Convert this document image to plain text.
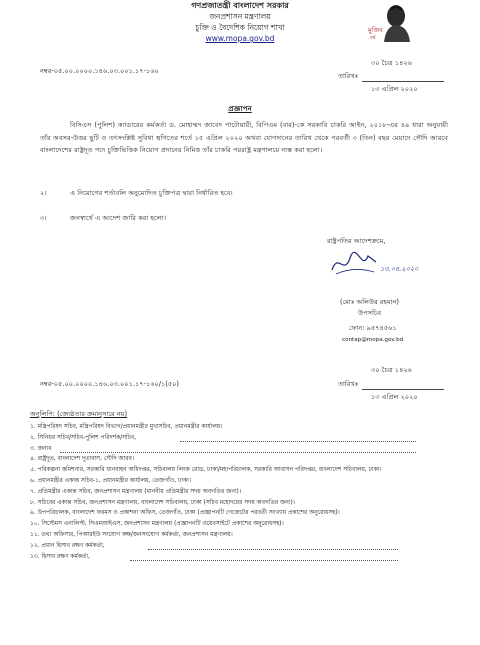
গণপ্রজাতন্ত্রী বাংলাদেশ সরকার
জনপ্রশাসন মন্ত্রণালয়
চুক্তি ও বৈদেশিক নিয়োগ শাখা
www.mopa.gov.bd
মুজিব
বর্ষ
নম্বর-০৫.০০.০০০০.১৪৬.০৩.০০১.১৭-১৬০
৩০ চৈত্র ১৪২৬
তারিখঃ
১৩ এপ্রিল ২০২০
প্রজ্ঞাপন
বিসিএস (পুলিশ) ক্যাডারের কর্মকর্তা ড. মোহাম্মদ জাবেদ পাটোয়ারী, বিপিএম (বার)-কে সরকারি চাকরি আইন, ২০১৮-এর ৪৯ ধারা অনুযায়ী তাঁর অবসর-উত্তর ছুটি ও তৎসংশ্লিষ্ট সুবিধা স্থগিতের শর্তে ১৫ এপ্রিল ২০২০ অথবা যোগদানের তারিখ থেকে পরবর্তী ৩ (তিন) বছর মেয়াদে সৌদি আরবে বাংলাদেশের রাষ্ট্রদূত পদে চুক্তিভিত্তিক নিয়োগ প্রদানের নিমিত্ত তাঁর চাকরি পররাষ্ট্র মন্ত্রণালয়ে ন্যস্ত করা হলো।
২।	এ নিয়োগের শর্তাবলি অনুমোদিত চুক্তিপত্র দ্বারা নির্ধারিত হবে।
৩।	জনস্বার্থে এ আদেশ জারি করা হলো।
রাষ্ট্রপতির আদেশক্রমে,
১৩.০৪.২০২০
(মোঃ অলিউর রহমান)
উপসচিব
ফোন: ৯৫৭৪৫৬১
contap@mopa.gov.bd
নম্বর-০৫.০০.০০০০.১৪৬.০৩.০০১.১৭-১৬০/১(৫০)
৩০ চৈত্র ১৪২৬
তারিখঃ
১৩ এপ্রিল ২০২০
অনুলিপি: (জ্যেষ্ঠতার ক্রমানুসারে নয়)
১. মন্ত্রিপরিষদ সচিব, মন্ত্রিপরিষদ বিভাগ/প্রধানমন্ত্রীর মুখ্যসচিব, প্রধানমন্ত্রীর কার্যালয়।
২. সিনিয়র সচিব/সচিব-পুলিশ পরিদর্শক/সচিব,
৩. জনাব
৪. রাষ্ট্রদূত, বাংলাদেশ দূতাবাস, সৌদি আরব।
৫. পরিকল্পনা কমিশনার, সরকারি যানবাহন অধিদপ্তর, সচিবালয় লিংক রোড, ঢাকা/মহাপরিচালক, সরকারি আবাসন পরিদপ্তর, বাংলাদেশ সচিবালয়, ঢাকা।
৬. প্রধানমন্ত্রীর একান্ত সচিব-১, প্রধানমন্ত্রীর কার্যালয়, তেজগাঁও, ঢাকা।
৭. প্রতিমন্ত্রীর একান্ত সচিব, জনপ্রশাসন মন্ত্রণালয় (মাননীয় প্রতিমন্ত্রীর সদয় অবগতির জন্য)।
৮. সচিবের একান্ত সচিব, জনপ্রশাসন মন্ত্রণালয়, বাংলাদেশ সচিবালয়, ঢাকা (সচিব মহোদয়ের সদয় অবগতির জন্য)।
৯. উপপরিচালক, বাংলাদেশ ফরমস ও প্রকাশনা অফিস, তেজগাঁও, ঢাকা (প্রজ্ঞাপনটি গেজেটের পরবর্তী সংখ্যায় প্রকাশের অনুরোধসহ)।
১০. সিস্টেমস এনালিস্ট, সিএমআইএস, জনপ্রশাসন মন্ত্রণালয় (প্রজ্ঞাপনটি ওয়েবসাইটে প্রকাশের অনুরোধসহ)।
১১. তথ্য অফিসার, পিআরইউ সংযোগ কক্ষ/জনসংযোগ কর্মকর্তা, জনপ্রশাসন মন্ত্রণালয়।
১২. প্রধান হিসাব রক্ষণ কর্মকর্তা,
১৩. হিসাব রক্ষণ কর্মকর্তা,
